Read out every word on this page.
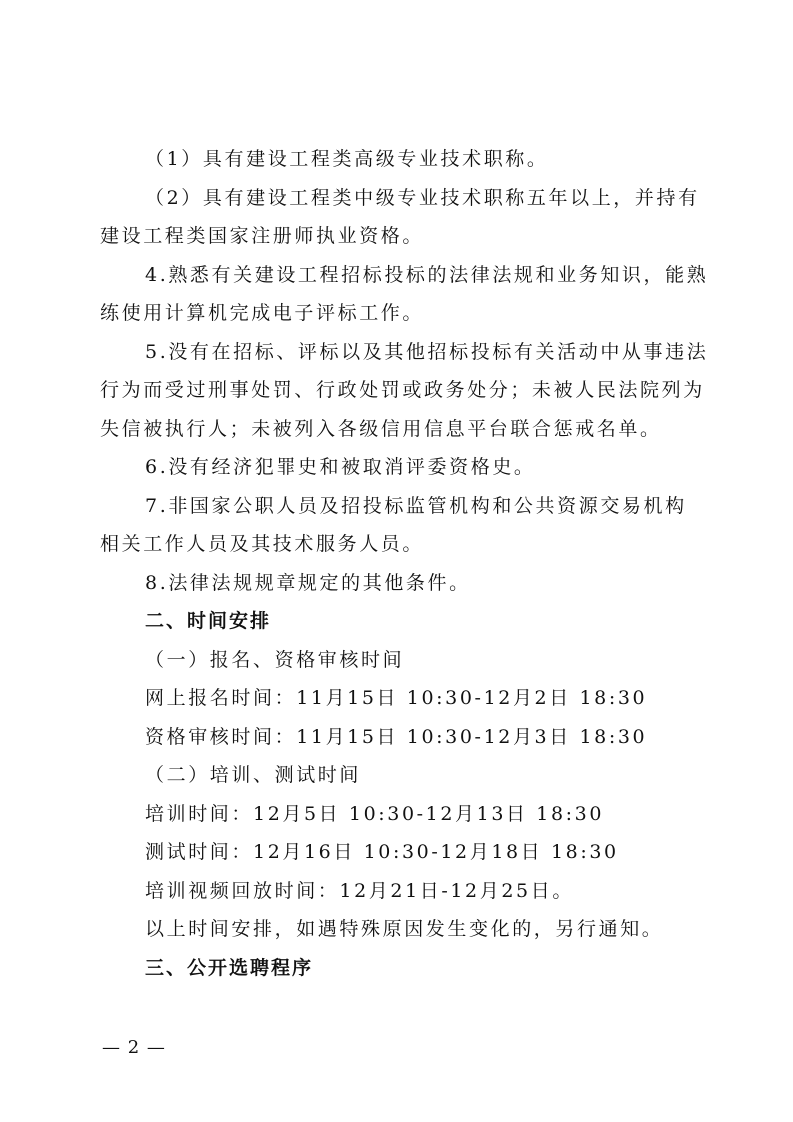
（1）具有建设工程类高级专业技术职称。
（2）具有建设工程类中级专业技术职称五年以上，并持有
建设工程类国家注册师执业资格。
4.熟悉有关建设工程招标投标的法律法规和业务知识，能熟
练使用计算机完成电子评标工作。
5.没有在招标、评标以及其他招标投标有关活动中从事违法
行为而受过刑事处罚、行政处罚或政务处分；未被人民法院列为
失信被执行人；未被列入各级信用信息平台联合惩戒名单。
6.没有经济犯罪史和被取消评委资格史。
7.非国家公职人员及招投标监管机构和公共资源交易机构
相关工作人员及其技术服务人员。
8.法律法规规章规定的其他条件。
二、时间安排
（一）报名、资格审核时间
网上报名时间：11月15日 10:30-12月2日 18:30
资格审核时间：11月15日 10:30-12月3日 18:30
（二）培训、测试时间
培训时间：12月5日 10:30-12月13日 18:30
测试时间：12月16日 10:30-12月18日 18:30
培训视频回放时间：12月21日-12月25日。
以上时间安排，如遇特殊原因发生变化的，另行通知。
三、公开选聘程序
— 2 —
